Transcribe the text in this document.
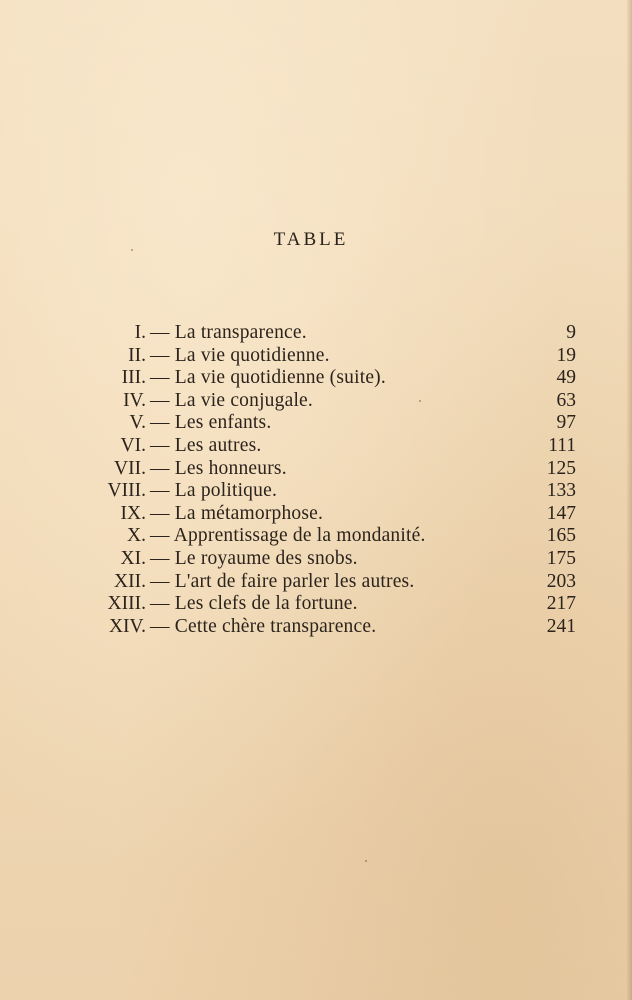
TABLE
I. — La transparence.	9
II. — La vie quotidienne.	19
III. — La vie quotidienne (suite).	49
IV. — La vie conjugale.	63
V. — Les enfants.	97
VI. — Les autres.	111
VII. — Les honneurs.	125
VIII. — La politique.	133
IX. — La métamorphose.	147
X. — Apprentissage de la mondanité.	165
XI. — Le royaume des snobs.	175
XII. — L'art de faire parler les autres.	203
XIII. — Les clefs de la fortune.	217
XIV. — Cette chère transparence.	241
